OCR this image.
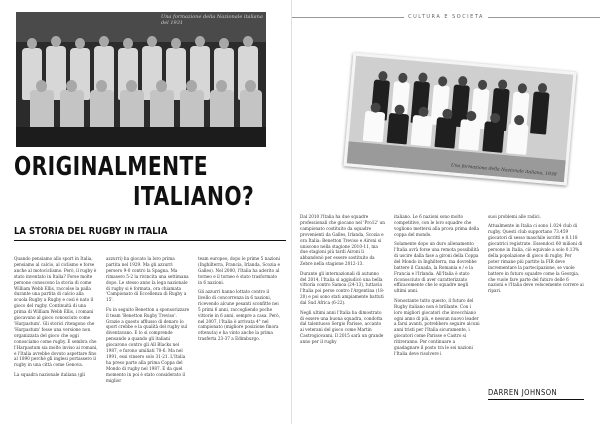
Una formazione della Nazionale italiana del 1931
ORIGINALMENTE
ITALIANO?
LA STORIA DEL RUGBY IN ITALIA

Quando pensiamo allo sport in Italia, pensiamo al calcio, al ciclismo e forse anche al motociclismo. Però, il rugby è stato inventato in Italia? Forse molte persone conoscono la storia di come William Webb Ellis, raccolse la palla durante una partita di calcio alla scuola Rugby a Rugby e così è nato il gioco del rugby. Continuità di una prima di William Webb Ellis, i romani giocavano al gioco conosciuto come 'Harpastum'. Gli storici ritengono che 'Harpastum' fosse una versione non organizzata del gioco che oggi conosciamo come rugby. E sembra che l'Harpastum sia molto inviso ai romani, e l'Italia avrebbe dovuto aspettare fino al 1890 perché gli inglesi portassero il rugby in una città come Genova.

La squadra nazionale italiana (gli

azzurri) ha giocato la loro prima partita nel 1929. Ma gli azzurri persero 9-0 contro la Spagna. Ma rimasero 5-2 la rivincita una settimana dopo. Le stesso anno la lega nazionale di rugby si è formata, ora chiamata 'Campionato di Eccellenza di Rugby a 15'.

Fu in seguito Benetton a sponsorizzare il team 'Benetton Rugby Treviso'. Grazie a questo afflusso di denaro lo sport crebbe e la qualità del rugby sul diventavano. E lo si comprende pensando a quando gli italiani giocarono contro gli All Blacks nel 1987, e furono umiliati 70-6. Ma nel 1991, essi vinsero solo 31-21. L'Italia ha preso parte alla prima Coppa del Mondo di rugby nel 1987. E da quel momento in poi è stato considerato il miglior

team europeo, dopo le prime 5 nazioni (Inghilterra, Francia, Irlanda, Scozia e Galles). Nel 2000, l'Italia ha aderito al torneo e il torneo è stato trasformato in 6 nazioni.

Gli azzurri hanno lottato contro il livello di concorrenza in 6 nazioni, ricevendo alcune pesanti sconfitte nei 5 primi 6 anni, raccogliendo poche vittorie in 6 anni, sempre a casa. Però, nel 2007, l'Italia è arrivata 4° nel campionato (migliore posizione finora ottenuta) e ha vinto anche la prima trasferta 23-37 a Edimburgo.

CULTURA E SOCIETA
Una formazione della Nazionale italiana, 1938

Dal 2010 l'Italia ha due squadre professionali che giocano nel 'Pro12' un campionato costituito da squadre provenienti da Galles, Irlanda, Scozia e ora Italia: Benetton Treviso e Aironi si uniscono nella stagione 2010-11, ma due stagioni più tardi Aironi li abbandonò per essere sostituito da Zebre nella stagione 2012-13.

Durante gli internazionali di autunno del 2014, l'Italia si aggiudicò una bella vittoria contro Samoa (24-13), tuttavia l'Italia poi perse contro l'Argentina (18-20) e poi sono stati ampiamente battuti dal Sud Africa (6-22).

Negli ultimi anni l'Italia ha dimostrato di essere una buona squadra, condotta dal talentuoso Sergio Parisse, accanto ai veterani del gioco come Martin Castrogiovanni. Il 2015 sarà un grande anno per il rugby

italiano. Le 6 nazioni sono molto competitive, con le loro squadre che vogliono mettersi alla prova prima della coppa del mondo.

Solamente dopo un duro allenamento l'Italia avrà forse una remota possibilità di uscire dalla fase a gironi della Coppa del Mondo in Inghilterra, ma dovrebbe battere il Canada, la Romania e / e la Francia e l'Irlanda. All'Italia è stato riconosciuto di aver caratterizzato efficacemente che le squadre negli ultimi anni.

Nonostante tutto questo, il futuro del Rugby italiano non è brillante. Con i loro migliori giocatori che invecchiano ogni anno di più, e nessun nuovo leader a farsi avanti, potrebbero seguire alcuni anni tristi per l'Italia sicuramente, i giocatori come Parisse e Castro si ritireranno. Per continuare a guadagnare il posto tra le sei nazioni l'Italia deve risolvere i

suoi problemi alle radici.

Attualmente in Italia ci sono 1.024 club di rugby. Questi club supportano 73.459 giocatori di sesso maschile iscritti e 8.118 giocatrici registrate. Essendoci 60 milioni di persone in Italia, ciò equivale a solo 0.13% della popolazione di gioco di rugby. Per poter rimane più partite la FIR deve incrementare la partecipazione, se vuole battere in futuro squadre come la Georgia, che vuole fare parte del futuro delle 6 nazioni e l'Italia deve velocemente correre ai ripari.

DARREN JOHNSON
